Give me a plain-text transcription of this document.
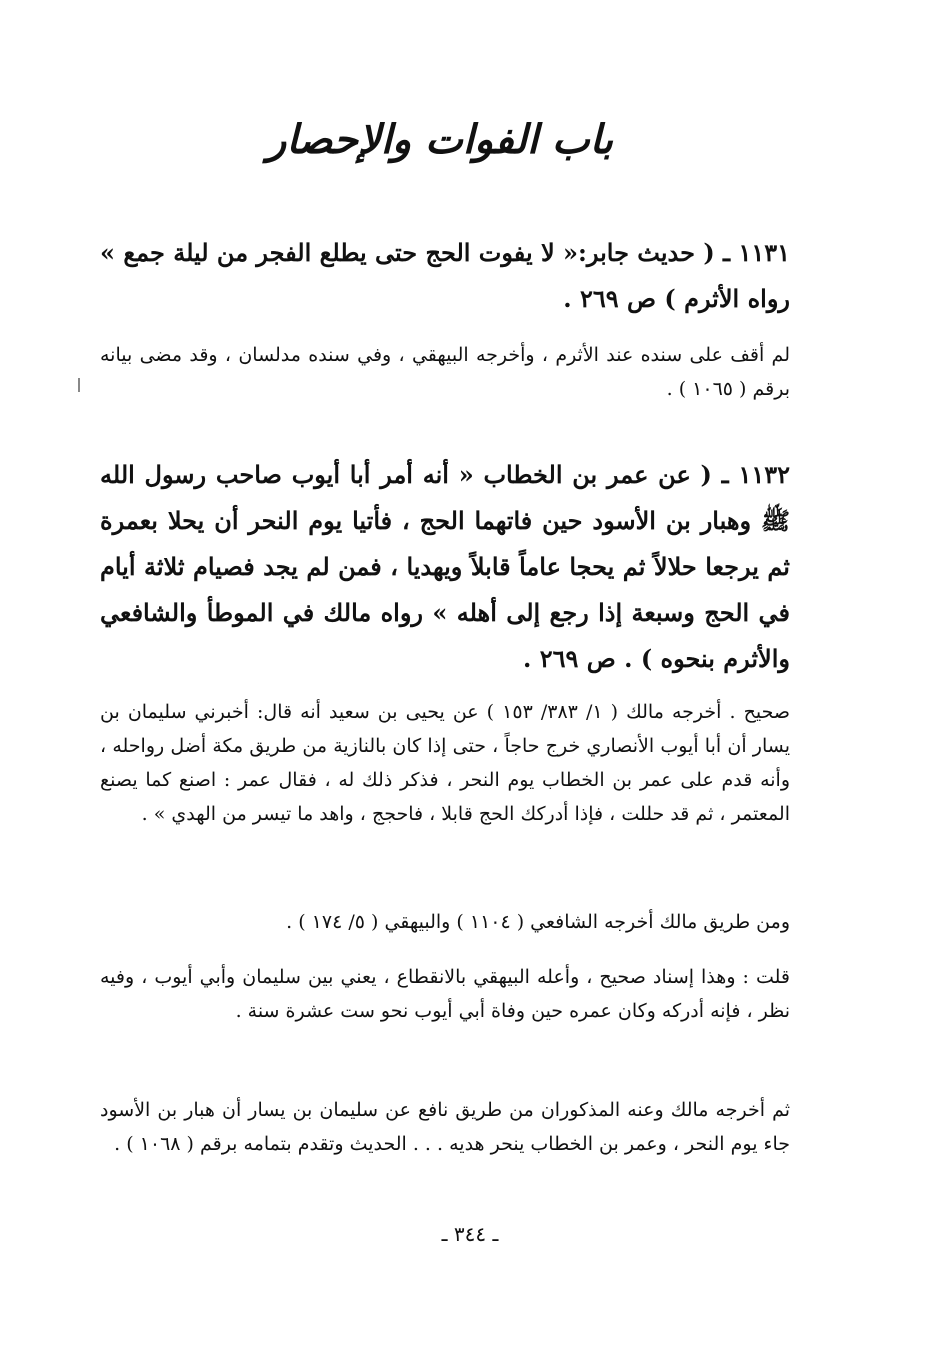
باب الفوات والإحصار
١١٣١ ـ ( حديث جابر:« لا يفوت الحج حتى يطلع الفجر من ليلة جمع » رواه الأثرم ) ص ٢٦٩ .
لم أقف على سنده عند الأثرم ، وأخرجه البيهقي ، وفي سنده مدلسان ، وقد مضى بيانه برقم ( ١٠٦٥ ) .
١١٣٢ ـ ( عن عمر بن الخطاب « أنه أمر أبا أيوب صاحب رسول الله ﷺ وهبار بن الأسود حين فاتهما الحج ، فأتيا يوم النحر أن يحلا بعمرة ثم يرجعا حلالاً ثم يحجا عاماً قابلاً ويهديا ، فمن لم يجد فصيام ثلاثة أيام في الحج وسبعة إذا رجع إلى أهله » رواه مالك في الموطأ والشافعي والأثرم بنحوه ) . ص ٢٦٩ .
صحيح . أخرجه مالك ( ١/ ٣٨٣/ ١٥٣ ) عن يحيى بن سعيد أنه قال: أخبرني سليمان بن يسار أن أبا أيوب الأنصاري خرج حاجاً ، حتى إذا كان بالنازية من طريق مكة أضل رواحله ، وأنه قدم على عمر بن الخطاب يوم النحر ، فذكر ذلك له ، فقال عمر : اصنع كما يصنع المعتمر ، ثم قد حللت ، فإذا أدركك الحج قابلا ، فاحجج ، واهد ما تيسر من الهدي » .
ومن طريق مالك أخرجه الشافعي ( ١١٠٤ ) والبيهقي ( ٥/ ١٧٤ ) .
قلت : وهذا إسناد صحيح ، وأعله البيهقي بالانقطاع ، يعني بين سليمان وأبي أيوب ، وفيه نظر ، فإنه أدركه وكان عمره حين وفاة أبي أيوب نحو ست عشرة سنة .
ثم أخرجه مالك وعنه المذكوران من طريق نافع عن سليمان بن يسار أن هبار بن الأسود جاء يوم النحر ، وعمر بن الخطاب ينحر هديه . . . الحديث وتقدم بتمامه برقم ( ١٠٦٨ ) .
ـ ٣٤٤ ـ
